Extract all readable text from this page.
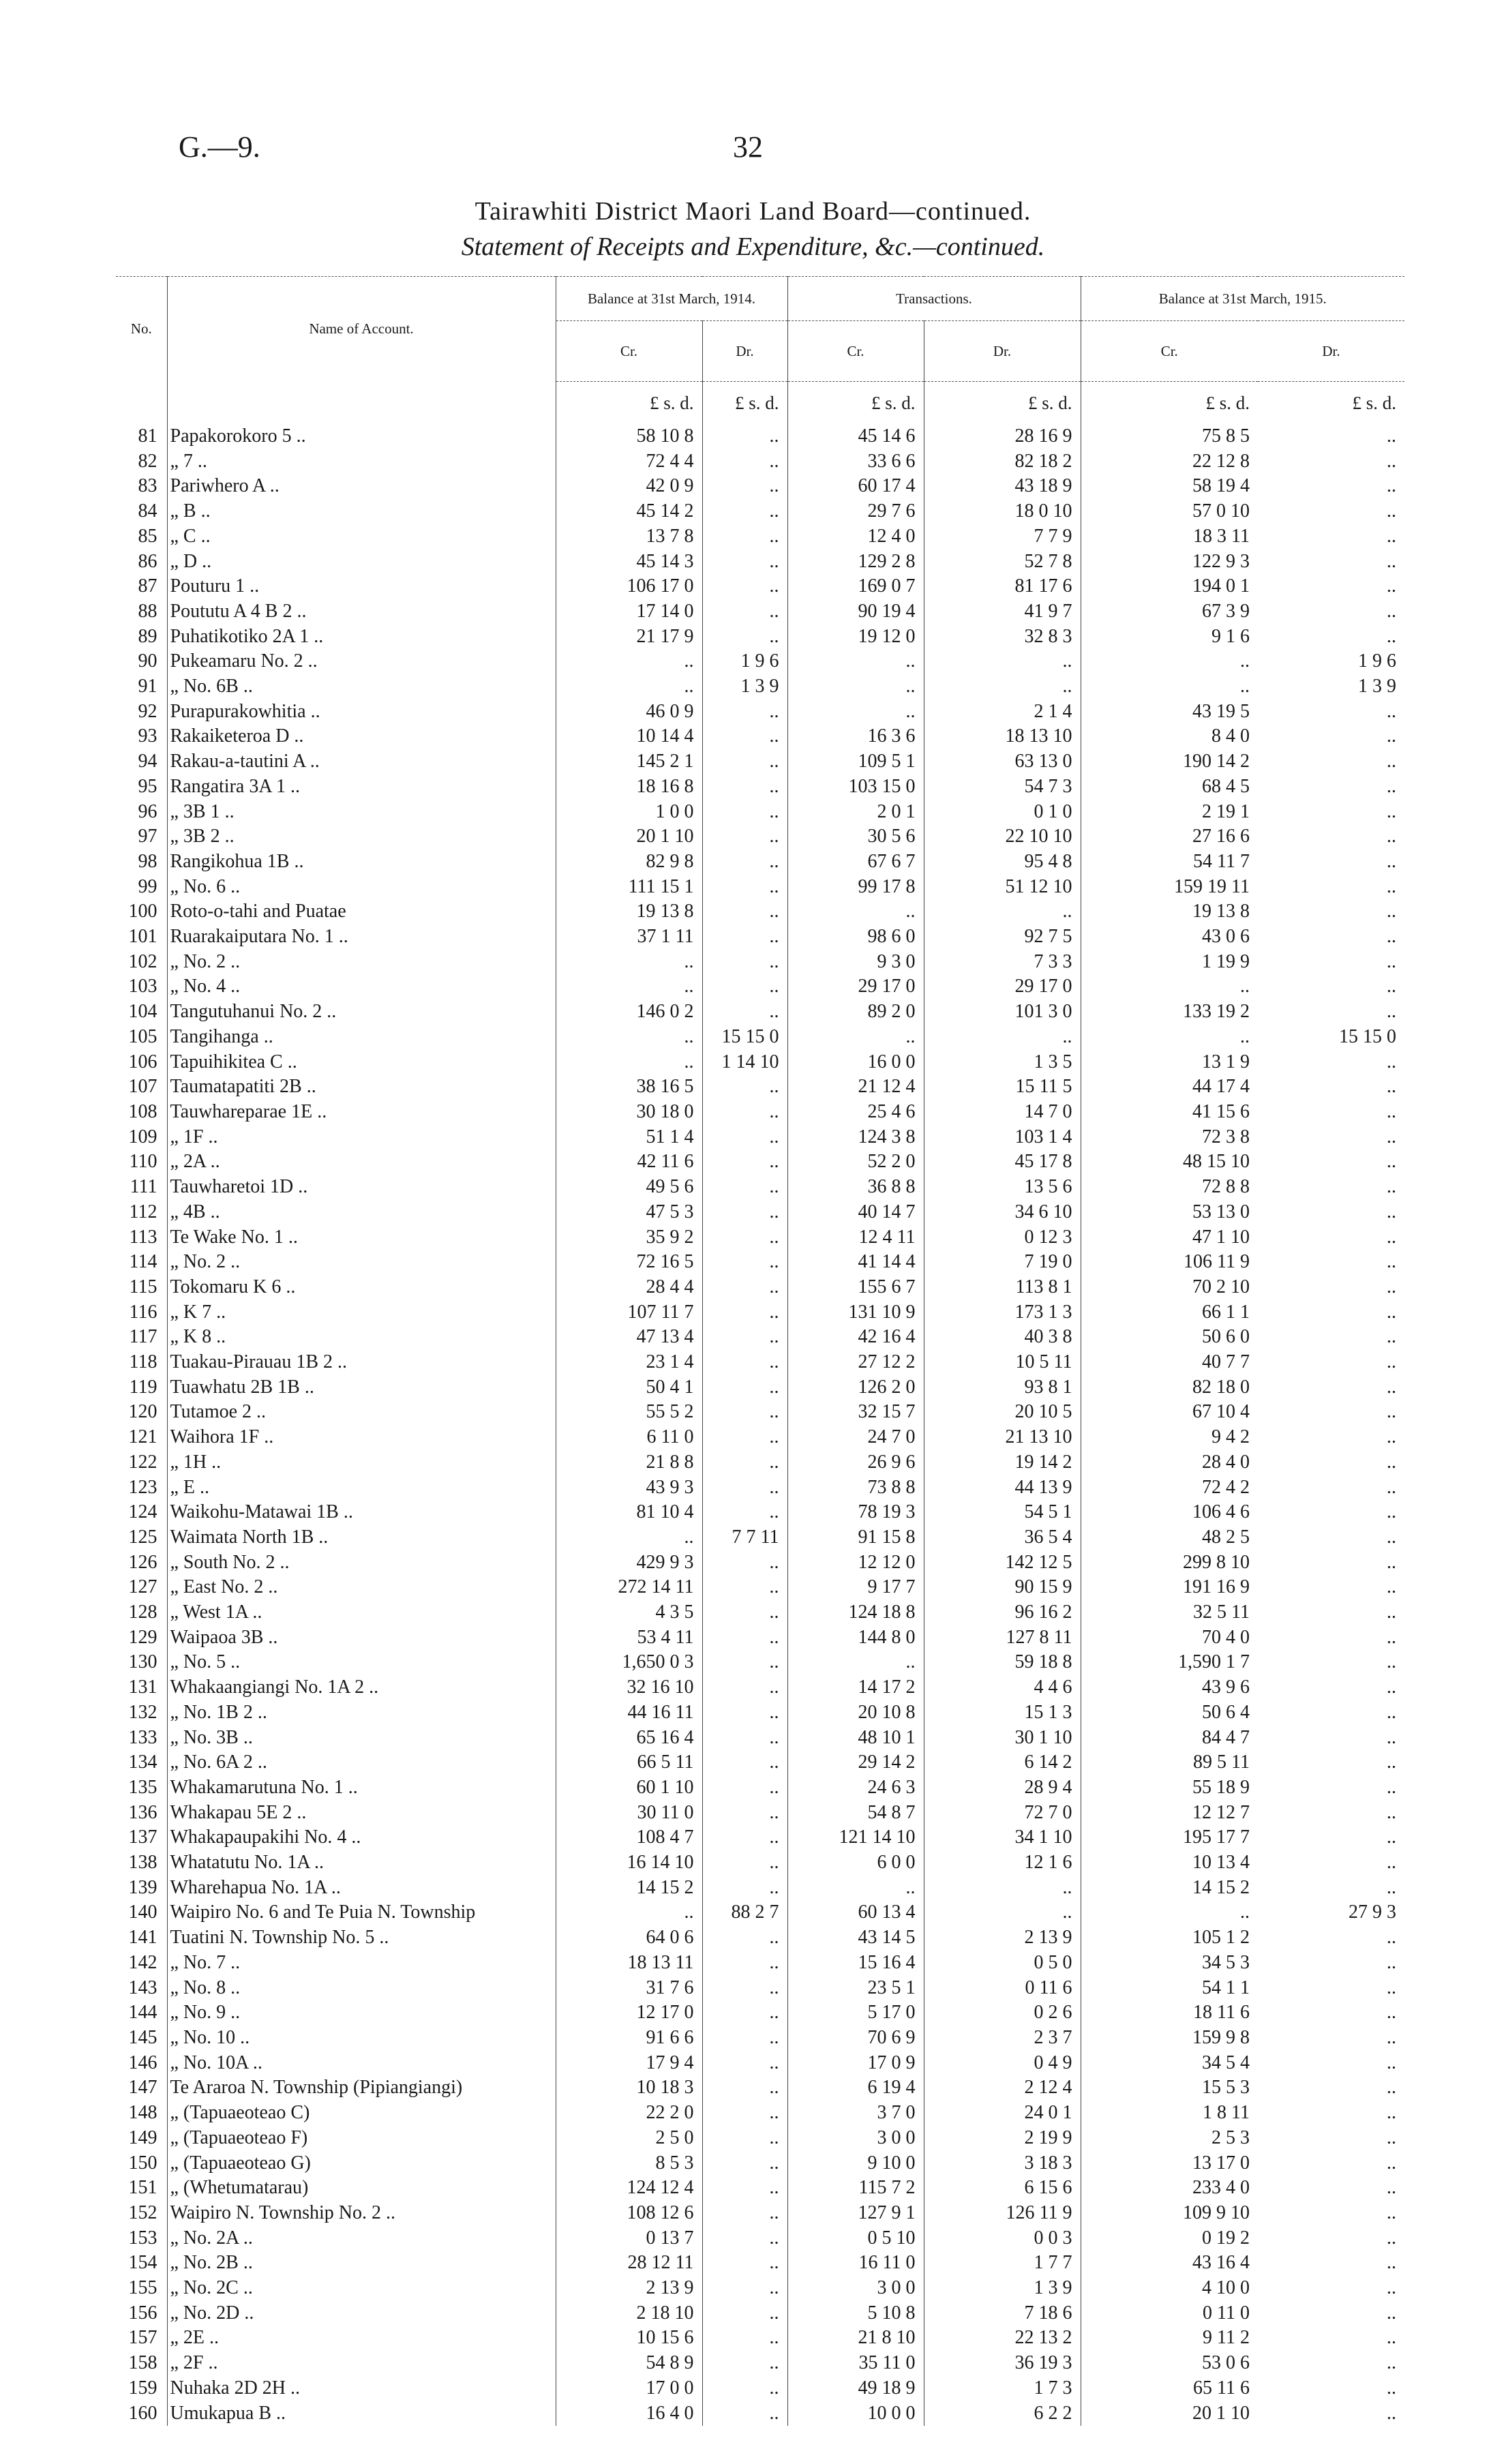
G.—9.	32
Tairawhiti District Maori Land Board—continued.
Statement of Receipts and Expenditure, &c.—continued.
No.	Name of Account.	Balance at 31st March, 1914.		Transactions.		Balance at 31st March, 1915.	
		Cr.	Dr.	Cr.	Dr.	Cr.	Dr.
		£ s. d.	£ s. d.	£ s. d.	£ s. d.	£ s. d.	£ s. d.
81	Papakorokoro 5 ..	58 10 8	..	45 14 6	28 16 9	75 8 5	..
82	„ 7 ..	72 4 4	..	33 6 6	82 18 2	22 12 8	..
83	Pariwhero A ..	42 0 9	..	60 17 4	43 18 9	58 19 4	..
84	„ B ..	45 14 2	..	29 7 6	18 0 10	57 0 10	..
85	„ C ..	13 7 8	..	12 4 0	7 7 9	18 3 11	..
86	„ D ..	45 14 3	..	129 2 8	52 7 8	122 9 3	..
87	Pouturu 1 ..	106 17 0	..	169 0 7	81 17 6	194 0 1	..
88	Poututu A 4 B 2 ..	17 14 0	..	90 19 4	41 9 7	67 3 9	..
89	Puhatikotiko 2A 1 ..	21 17 9	..	19 12 0	32 8 3	9 1 6	..
90	Pukeamaru No. 2 ..	..	1 9 6	..	..	..	1 9 6
91	„ No. 6B ..	..	1 3 9	..	..	..	1 3 9
92	Purapurakowhitia ..	46 0 9	..	..	2 1 4	43 19 5	..
93	Rakaiketeroa D ..	10 14 4	..	16 3 6	18 13 10	8 4 0	..
94	Rakau-a-tautini A ..	145 2 1	..	109 5 1	63 13 0	190 14 2	..
95	Rangatira 3A 1 ..	18 16 8	..	103 15 0	54 7 3	68 4 5	..
96	„ 3B 1 ..	1 0 0	..	2 0 1	0 1 0	2 19 1	..
97	„ 3B 2 ..	20 1 10	..	30 5 6	22 10 10	27 16 6	..
98	Rangikohua 1B ..	82 9 8	..	67 6 7	95 4 8	54 11 7	..
99	„ No. 6 ..	111 15 1	..	99 17 8	51 12 10	159 19 11	..
100	Roto-o-tahi and Puatae	19 13 8	..	..	..	19 13 8	..
101	Ruarakaiputara No. 1 ..	37 1 11	..	98 6 0	92 7 5	43 0 6	..
102	„ No. 2 ..	..	..	9 3 0	7 3 3	1 19 9	..
103	„ No. 4 ..	..	..	29 17 0	29 17 0	..	..
104	Tangutuhanui No. 2 ..	146 0 2	..	89 2 0	101 3 0	133 19 2	..
105	Tangihanga ..	..	15 15 0	..	..	..	15 15 0
106	Tapuihikitea C ..	..	1 14 10	16 0 0	1 3 5	13 1 9	..
107	Taumatapatiti 2B ..	38 16 5	..	21 12 4	15 11 5	44 17 4	..
108	Tauwhareparae 1E ..	30 18 0	..	25 4 6	14 7 0	41 15 6	..
109	„ 1F ..	51 1 4	..	124 3 8	103 1 4	72 3 8	..
110	„ 2A ..	42 11 6	..	52 2 0	45 17 8	48 15 10	..
111	Tauwharetoi 1D ..	49 5 6	..	36 8 8	13 5 6	72 8 8	..
112	„ 4B ..	47 5 3	..	40 14 7	34 6 10	53 13 0	..
113	Te Wake No. 1 ..	35 9 2	..	12 4 11	0 12 3	47 1 10	..
114	„ No. 2 ..	72 16 5	..	41 14 4	7 19 0	106 11 9	..
115	Tokomaru K 6 ..	28 4 4	..	155 6 7	113 8 1	70 2 10	..
116	„ K 7 ..	107 11 7	..	131 10 9	173 1 3	66 1 1	..
117	„ K 8 ..	47 13 4	..	42 16 4	40 3 8	50 6 0	..
118	Tuakau-Pirauau 1B 2 ..	23 1 4	..	27 12 2	10 5 11	40 7 7	..
119	Tuawhatu 2B 1B ..	50 4 1	..	126 2 0	93 8 1	82 18 0	..
120	Tutamoe 2 ..	55 5 2	..	32 15 7	20 10 5	67 10 4	..
121	Waihora 1F ..	6 11 0	..	24 7 0	21 13 10	9 4 2	..
122	„ 1H ..	21 8 8	..	26 9 6	19 14 2	28 4 0	..
123	„ E ..	43 9 3	..	73 8 8	44 13 9	72 4 2	..
124	Waikohu-Matawai 1B ..	81 10 4	..	78 19 3	54 5 1	106 4 6	..
125	Waimata North 1B ..	..	7 7 11	91 15 8	36 5 4	48 2 5	..
126	„ South No. 2 ..	429 9 3	..	12 12 0	142 12 5	299 8 10	..
127	„ East No. 2 ..	272 14 11	..	9 17 7	90 15 9	191 16 9	..
128	„ West 1A ..	4 3 5	..	124 18 8	96 16 2	32 5 11	..
129	Waipaoa 3B ..	53 4 11	..	144 8 0	127 8 11	70 4 0	..
130	„ No. 5 ..	1,650 0 3	..	..	59 18 8	1,590 1 7	..
131	Whakaangiangi No. 1A 2 ..	32 16 10	..	14 17 2	4 4 6	43 9 6	..
132	„ No. 1B 2 ..	44 16 11	..	20 10 8	15 1 3	50 6 4	..
133	„ No. 3B ..	65 16 4	..	48 10 1	30 1 10	84 4 7	..
134	„ No. 6A 2 ..	66 5 11	..	29 14 2	6 14 2	89 5 11	..
135	Whakamarutuna No. 1 ..	60 1 10	..	24 6 3	28 9 4	55 18 9	..
136	Whakapau 5E 2 ..	30 11 0	..	54 8 7	72 7 0	12 12 7	..
137	Whakapaupakihi No. 4 ..	108 4 7	..	121 14 10	34 1 10	195 17 7	..
138	Whatatutu No. 1A ..	16 14 10	..	6 0 0	12 1 6	10 13 4	..
139	Wharehapua No. 1A ..	14 15 2	..	..	..	14 15 2	..
140	Waipiro No. 6 and Te Puia N. Township	..	88 2 7	60 13 4	..	..	27 9 3
141	Tuatini N. Township No. 5 ..	64 0 6	..	43 14 5	2 13 9	105 1 2	..
142	„ No. 7 ..	18 13 11	..	15 16 4	0 5 0	34 5 3	..
143	„ No. 8 ..	31 7 6	..	23 5 1	0 11 6	54 1 1	..
144	„ No. 9 ..	12 17 0	..	5 17 0	0 2 6	18 11 6	..
145	„ No. 10 ..	91 6 6	..	70 6 9	2 3 7	159 9 8	..
146	„ No. 10A ..	17 9 4	..	17 0 9	0 4 9	34 5 4	..
147	Te Araroa N. Township (Pipiangiangi)	10 18 3	..	6 19 4	2 12 4	15 5 3	..
148	„ (Tapuaeoteao C)	22 2 0	..	3 7 0	24 0 1	1 8 11	..
149	„ (Tapuaeoteao F)	2 5 0	..	3 0 0	2 19 9	2 5 3	..
150	„ (Tapuaeoteao G)	8 5 3	..	9 10 0	3 18 3	13 17 0	..
151	„ (Whetumatarau)	124 12 4	..	115 7 2	6 15 6	233 4 0	..
152	Waipiro N. Township No. 2 ..	108 12 6	..	127 9 1	126 11 9	109 9 10	..
153	„ No. 2A ..	0 13 7	..	0 5 10	0 0 3	0 19 2	..
154	„ No. 2B ..	28 12 11	..	16 11 0	1 7 7	43 16 4	..
155	„ No. 2C ..	2 13 9	..	3 0 0	1 3 9	4 10 0	..
156	„ No. 2D ..	2 18 10	..	5 10 8	7 18 6	0 11 0	..
157	„ 2E ..	10 15 6	..	21 8 10	22 13 2	9 11 2	..
158	„ 2F ..	54 8 9	..	35 11 0	36 19 3	53 0 6	..
159	Nuhaka 2D 2H ..	17 0 0	..	49 18 9	1 7 3	65 11 6	..
160	Umukapua B ..	16 4 0	..	10 0 0	6 2 2	20 1 10	..
